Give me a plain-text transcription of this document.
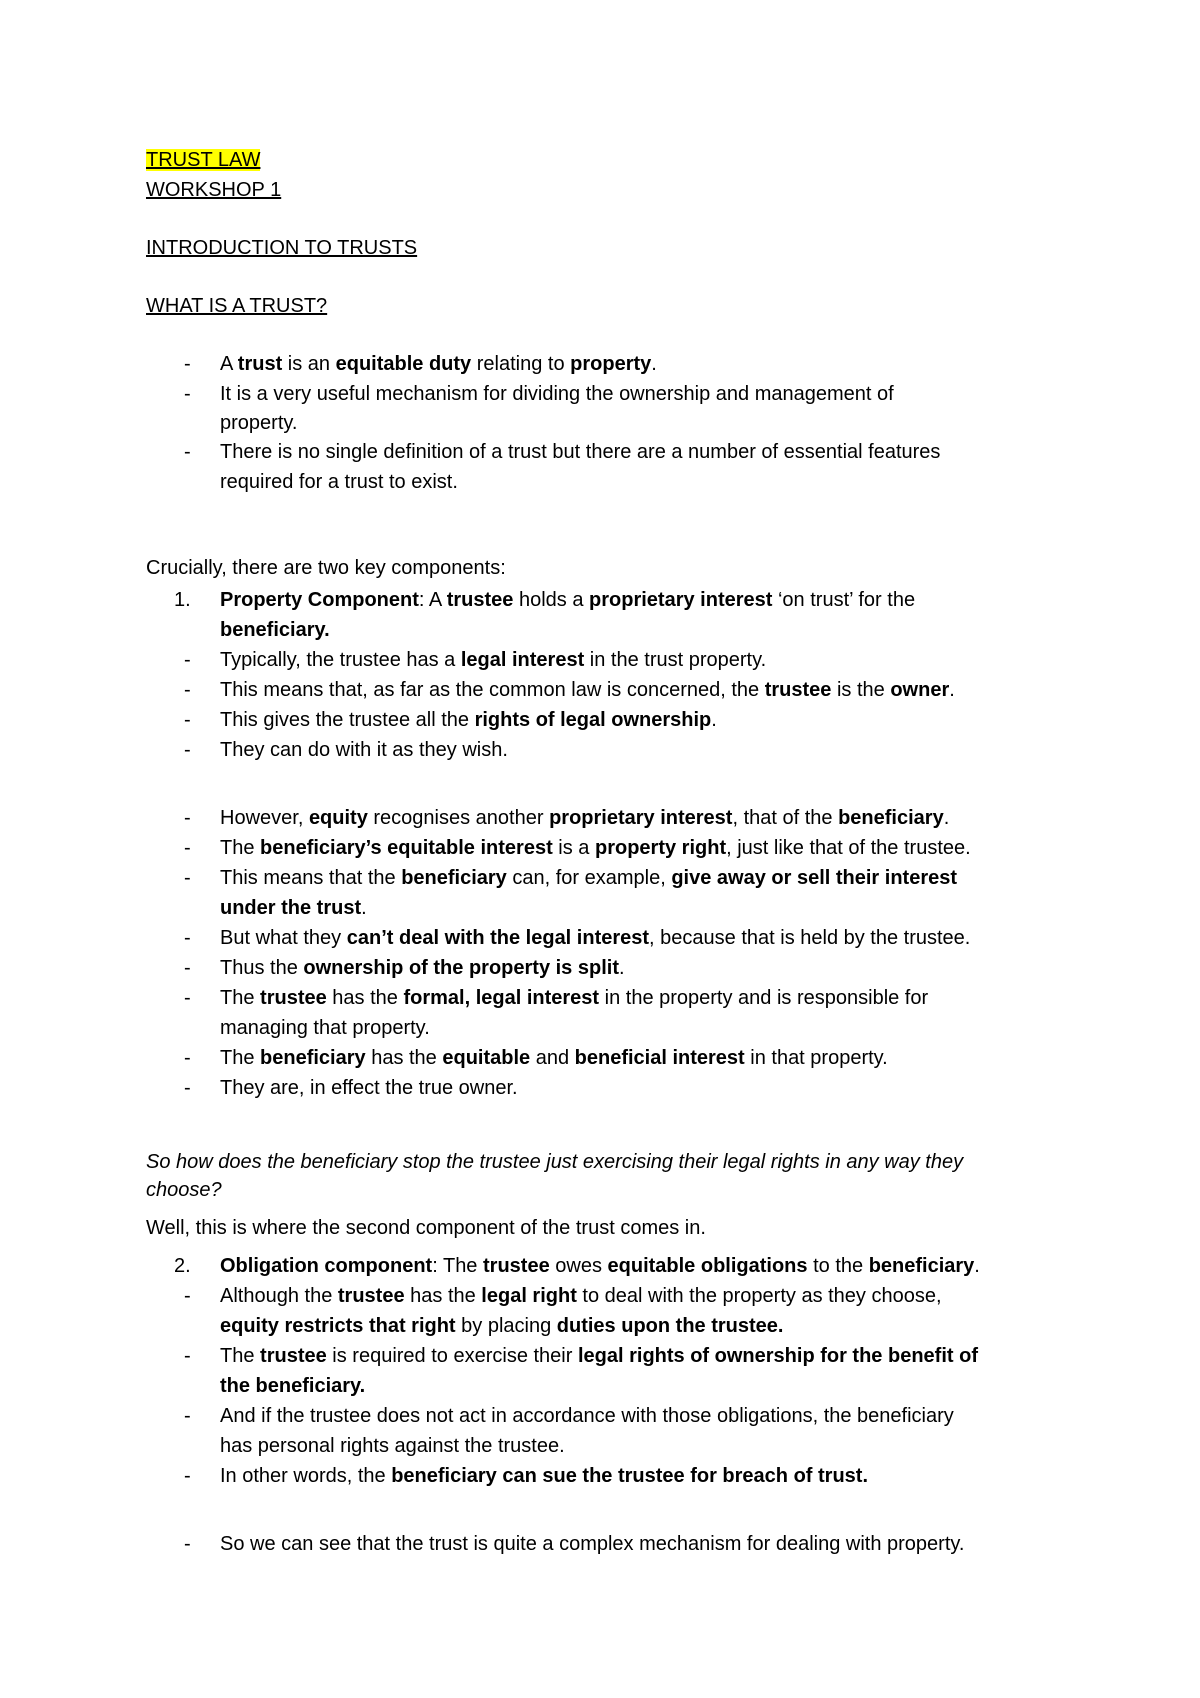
TRUST LAW

WORKSHOP 1

INTRODUCTION TO TRUSTS

WHAT IS A TRUST?

-	A trust is an equitable duty relating to property.

-	It is a very useful mechanism for dividing the ownership and management of

property.

-	There is no single definition of a trust but there are a number of essential features

required for a trust to exist.

Crucially, there are two key components:

1.	Property Component: A trustee holds a proprietary interest ‘on trust’ for the

beneficiary.

-	Typically, the trustee has a legal interest in the trust property.

-	This means that, as far as the common law is concerned, the trustee is the owner.

-	This gives the trustee all the rights of legal ownership.

-	They can do with it as they wish.

-	However, equity recognises another proprietary interest, that of the beneficiary.

-	The beneficiary’s equitable interest is a property right, just like that of the trustee.

-	This means that the beneficiary can, for example, give away or sell their interest

under the trust.

-	But what they can’t deal with the legal interest, because that is held by the trustee.

-	Thus the ownership of the property is split.

-	The trustee has the formal, legal interest in the property and is responsible for

managing that property.

-	The beneficiary has the equitable and beneficial interest in that property.

-	They are, in effect the true owner.

So how does the beneficiary stop the trustee just exercising their legal rights in any way they

choose?

Well, this is where the second component of the trust comes in.

2.	Obligation component: The trustee owes equitable obligations to the beneficiary.

-	Although the trustee has the legal right to deal with the property as they choose,

equity restricts that right by placing duties upon the trustee.

-	The trustee is required to exercise their legal rights of ownership for the benefit of

the beneficiary.

-	And if the trustee does not act in accordance with those obligations, the beneficiary

has personal rights against the trustee.

-	In other words, the beneficiary can sue the trustee for breach of trust.

-	So we can see that the trust is quite a complex mechanism for dealing with property.
